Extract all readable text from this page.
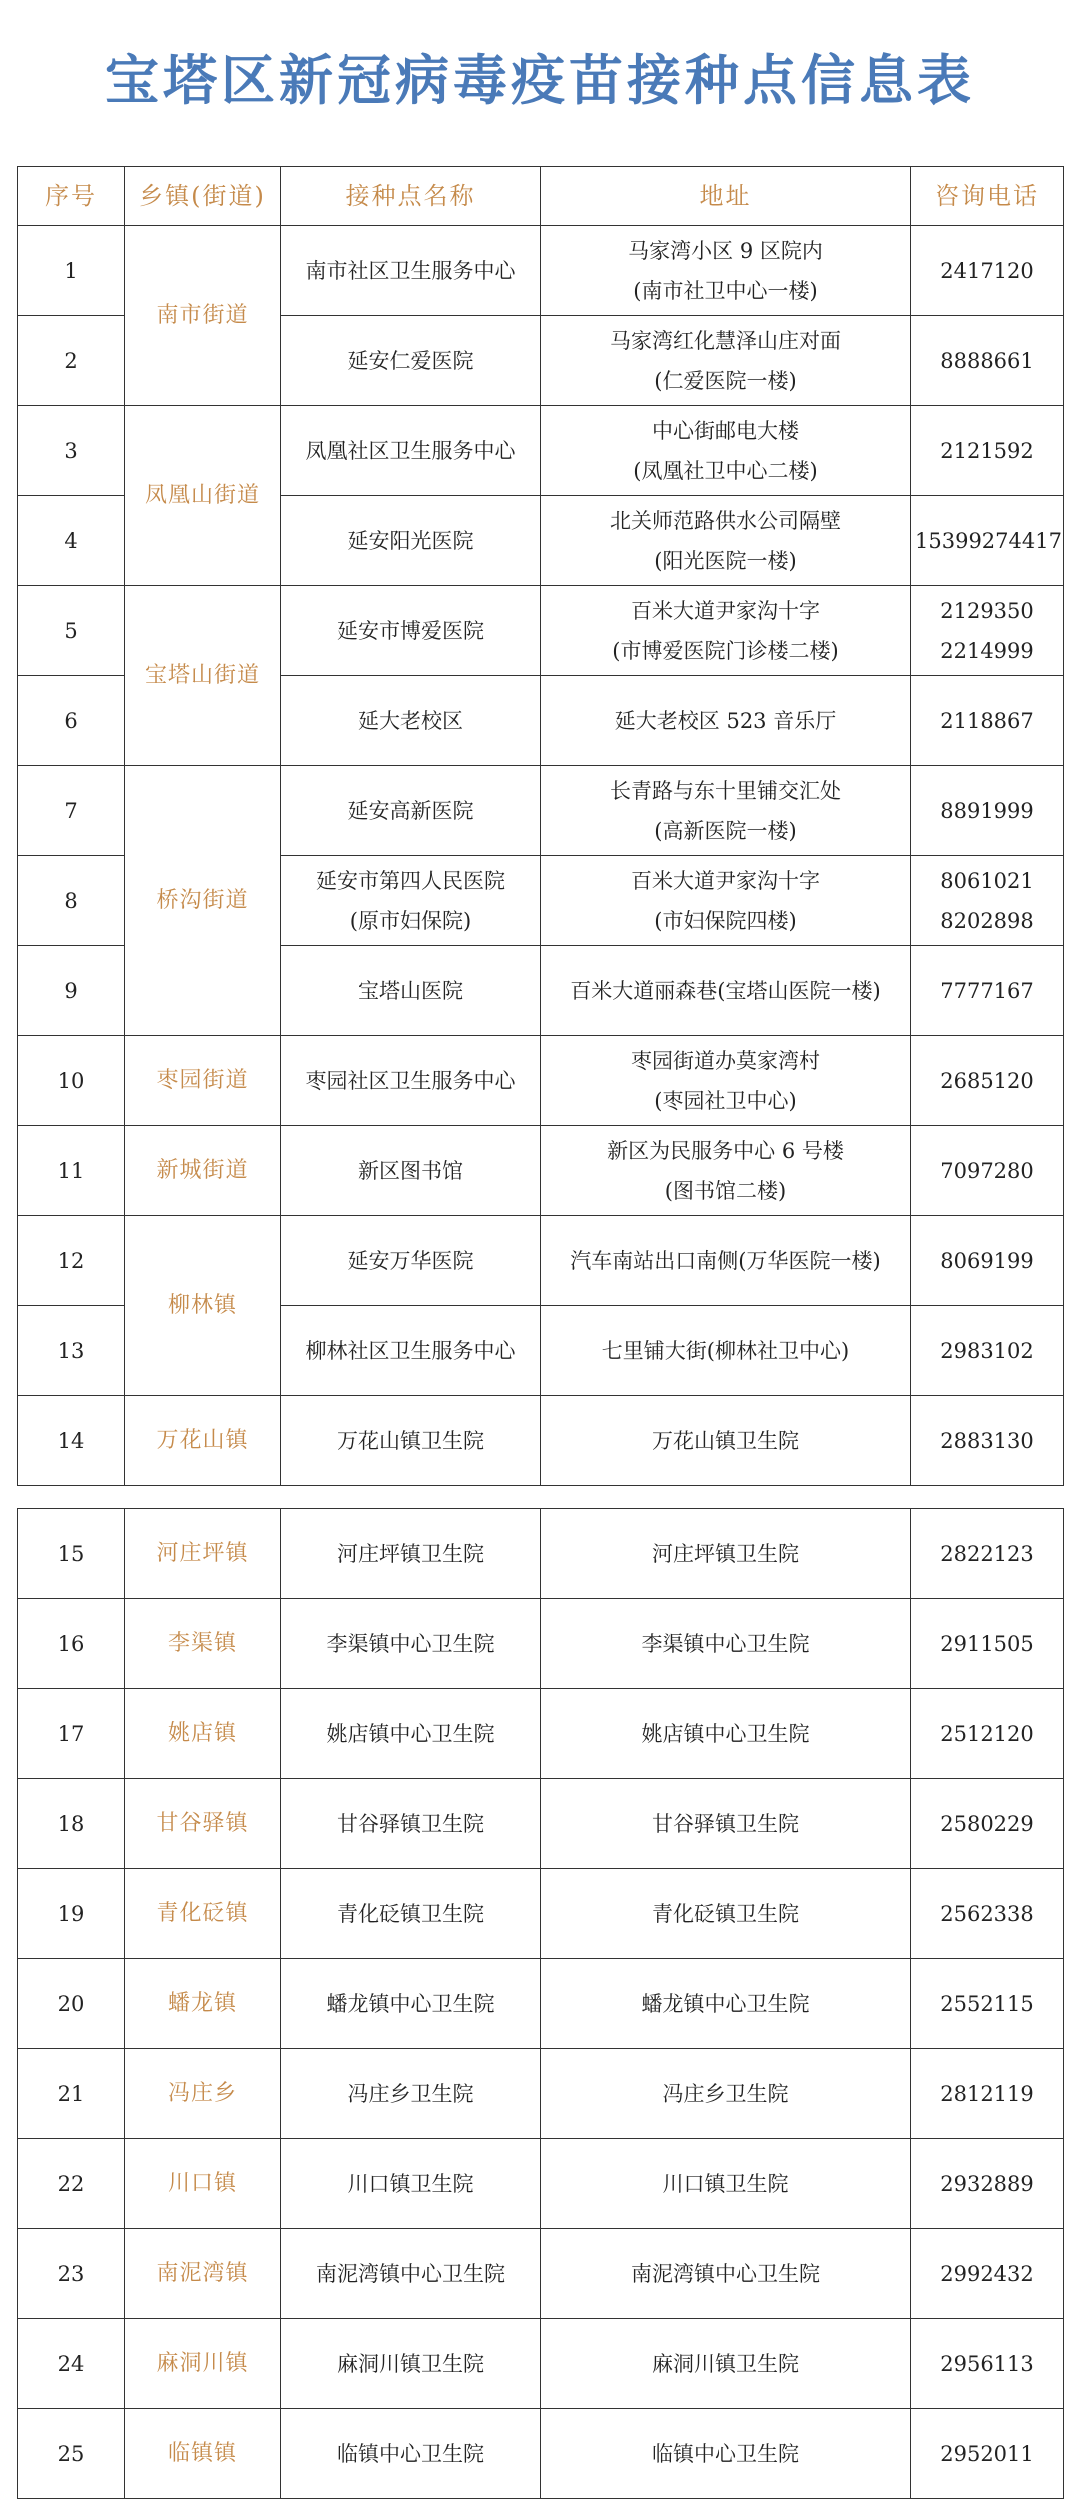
宝塔区新冠病毒疫苗接种点信息表
序号	乡镇(街道)	接种点名称	地址	咨询电话
1	南市街道	南市社区卫生服务中心	马家湾小区 9 区院内
(南市社卫中心一楼)	2417120

2		延安仁爱医院	马家湾红化慧泽山庄对面
(仁爱医院一楼)	8888661

3	凤凰山街道	凤凰社区卫生服务中心	中心街邮电大楼
(凤凰社卫中心二楼)	2121592

4		延安阳光医院	北关师范路供水公司隔壁
(阳光医院一楼)	15399274417

5	宝塔山街道	延安市博爱医院	百米大道尹家沟十字
(市博爱医院门诊楼二楼)	2129350
2214999

6		延大老校区	延大老校区 523 音乐厅	2118867

7	桥沟街道	延安高新医院	长青路与东十里铺交汇处
(高新医院一楼)	8891999

8		延安市第四人民医院
(原市妇保院)	百米大道尹家沟十字
(市妇保院四楼)	8061021
8202898

9		宝塔山医院	百米大道丽森巷(宝塔山医院一楼)	7777167

10	枣园街道	枣园社区卫生服务中心	枣园街道办莫家湾村
(枣园社卫中心)	2685120

11	新城街道	新区图书馆	新区为民服务中心 6 号楼
(图书馆二楼)	7097280

12	柳林镇	延安万华医院	汽车南站出口南侧(万华医院一楼)	8069199

13		柳林社区卫生服务中心	七里铺大街(柳林社卫中心)	2983102

14	万花山镇	万花山镇卫生院	万花山镇卫生院	2883130
15	河庄坪镇	河庄坪镇卫生院	河庄坪镇卫生院	2822123
16	李渠镇	李渠镇中心卫生院	李渠镇中心卫生院	2911505
17	姚店镇	姚店镇中心卫生院	姚店镇中心卫生院	2512120
18	甘谷驿镇	甘谷驿镇卫生院	甘谷驿镇卫生院	2580229
19	青化砭镇	青化砭镇卫生院	青化砭镇卫生院	2562338
20	蟠龙镇	蟠龙镇中心卫生院	蟠龙镇中心卫生院	2552115
21	冯庄乡	冯庄乡卫生院	冯庄乡卫生院	2812119
22	川口镇	川口镇卫生院	川口镇卫生院	2932889
23	南泥湾镇	南泥湾镇中心卫生院	南泥湾镇中心卫生院	2992432
24	麻洞川镇	麻洞川镇卫生院	麻洞川镇卫生院	2956113
25	临镇镇	临镇中心卫生院	临镇中心卫生院	2952011
